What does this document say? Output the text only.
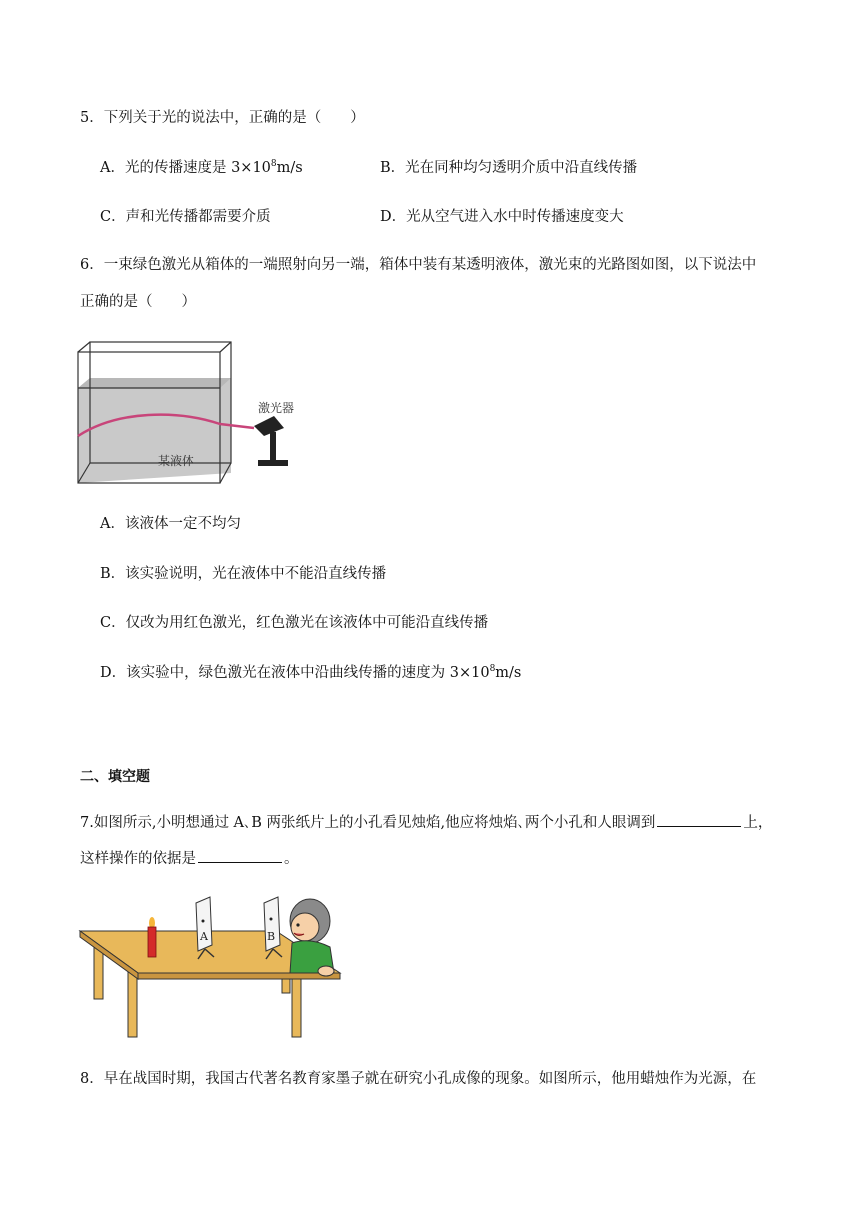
5．下列关于光的说法中，正确的是（　　）
A．光的传播速度是 $3\times 10^8m/s$	B．光在同种均匀透明介质中沿直线传播
C．声和光传播都需要介质	D．光从空气进入水中时传播速度变大
6．一束绿色激光从箱体的一端照射向另一端，箱体中装有某透明液体，激光束的光路图如图，以下说法中
正确的是（　　）
激光器
某液体
A．该液体一定不均匀
B．该实验说明，光在液体中不能沿直线传播
C．仅改为用红色激光，红色激光在该液体中可能沿直线传播
D．该实验中，绿色激光在液体中沿曲线传播的速度为 $3\times 10^8m/s$
二、填空题
7.如图所示,小明想通过 A､B 两张纸片上的小孔看见烛焰,他应将烛焰､两个小孔和人眼调到	上，
这样操作的依据是	。
A	B
8．早在战国时期，我国古代著名教育家墨子就在研究小孔成像的现象。如图所示，他用蜡烛作为光源，在
